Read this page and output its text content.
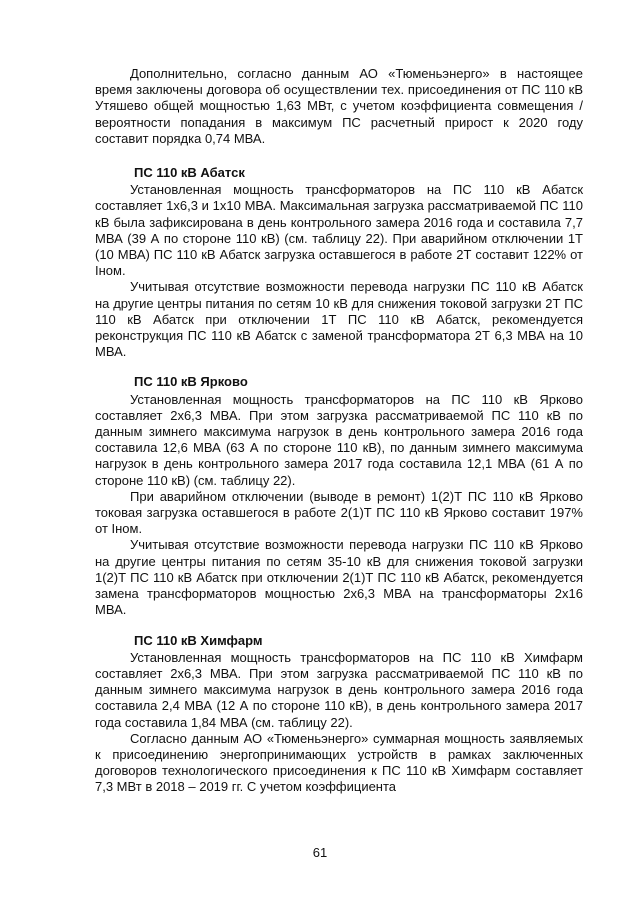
Дополнительно, согласно данным АО «Тюменьэнерго» в настоящее время заключены договора об осуществлении тех. присоединения от ПС 110 кВ Утяшево общей мощностью 1,63 МВт, с учетом коэффициента совмещения / вероятности попадания в максимум ПС расчетный прирост к 2020 году составит порядка 0,74 МВА.

ПС 110 кВ Абатск

Установленная мощность трансформаторов на ПС 110 кВ Абатск составляет 1х6,3 и 1х10 МВА. Максимальная загрузка рассматриваемой ПС 110 кВ была зафиксирована в день контрольного замера 2016 года и составила 7,7 МВА (39 А по стороне 110 кВ) (см. таблицу 22). При аварийном отключении 1Т (10 МВА) ПС 110 кВ Абатск загрузка оставшегося в работе 2Т составит 122% от Iном.

Учитывая отсутствие возможности перевода нагрузки ПС 110 кВ Абатск на другие центры питания по сетям 10 кВ для снижения токовой загрузки 2Т ПС 110 кВ Абатск при отключении 1Т ПС 110 кВ Абатск, рекомендуется реконструкция ПС 110 кВ Абатск с заменой трансформатора 2Т 6,3 МВА на 10 МВА.

ПС 110 кВ Ярково

Установленная мощность трансформаторов на ПС 110 кВ Ярково составляет 2х6,3 МВА. При этом загрузка рассматриваемой ПС 110 кВ по данным зимнего максимума нагрузок в день контрольного замера 2016 года составила 12,6 МВА (63 А по стороне 110 кВ), по данным зимнего максимума нагрузок в день контрольного замера 2017 года составила 12,1 МВА (61 А по стороне 110 кВ) (см. таблицу 22).

При аварийном отключении (выводе в ремонт) 1(2)Т ПС 110 кВ Ярково токовая загрузка оставшегося в работе 2(1)Т ПС 110 кВ Ярково составит 197% от Iном.

Учитывая отсутствие возможности перевода нагрузки ПС 110 кВ Ярково на другие центры питания по сетям 35-10 кВ для снижения токовой загрузки 1(2)Т ПС 110 кВ Абатск при отключении 2(1)Т ПС 110 кВ Абатск, рекомендуется замена трансформаторов мощностью 2х6,3 МВА на трансформаторы 2х16 МВА.

ПС 110 кВ Химфарм

Установленная мощность трансформаторов на ПС 110 кВ Химфарм составляет 2х6,3 МВА. При этом загрузка рассматриваемой ПС 110 кВ по данным зимнего максимума нагрузок в день контрольного замера 2016 года составила 2,4 МВА (12 А по стороне 110 кВ), в день контрольного замера 2017 года составила 1,84 МВА (см. таблицу 22).

Согласно данным АО «Тюменьэнерго» суммарная мощность заявляемых к присоединению энергопринимающих устройств в рамках заключенных договоров технологического присоединения к ПС 110 кВ Химфарм составляет 7,3 МВт в 2018 – 2019 гг. С учетом коэффициента

61
